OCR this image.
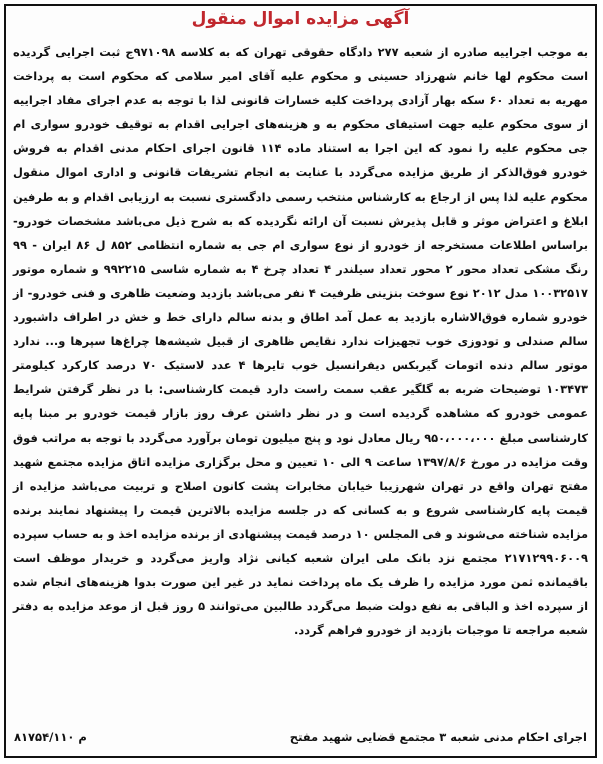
آگهی مزایده اموال منقول

به موجب اجراییه صادره از شعبه ۲۷۷ دادگاه حقوقی تهران که به کلاسه ۹۷۱۰۹۸ج ثبت اجرایی گردیده است محکوم لها خانم شهرزاد حسینی و محکوم علیه آقای امیر سلامی که محکوم است به پرداخت مهریه به تعداد ۶۰ سکه بهار آزادی پرداخت کلیه خسارات قانونی لذا با توجه به عدم اجرای مفاد اجراییه از سوی محکوم علیه جهت استیفای محکوم به و هزینه‌های اجرایی اقدام به توقیف خودرو سواری ام جی محکوم علیه را نمود که این اجرا به استناد ماده ۱۱۴ قانون اجرای احکام مدنی اقدام به فروش خودرو فوق‌الذکر از طریق مزایده می‌گردد با عنایت به انجام تشریفات قانونی و اداری اموال منقول محکوم علیه لذا پس از ارجاع به کارشناس منتخب رسمی دادگستری نسبت به ارزیابی اقدام و به طرفین ابلاغ و اعتراض موثر و قابل پذیرش نسبت آن ارائه نگردیده که به شرح ذیل می‌باشد مشخصات خودرو- براساس اطلاعات مستخرجه از خودرو از نوع سواری ام جی به شماره انتظامی ۸۵۲ ل ۸۶ ایران - ۹۹ رنگ مشکی تعداد محور ۲ محور تعداد سیلندر ۴ تعداد چرخ ۴ به شماره شاسی ۹۹۲۲۱۵ و شماره موتور ۱۰۰۳۲۵۱۷ مدل ۲۰۱۲ نوع سوخت بنزینی ظرفیت ۴ نفر می‌باشد بازدید وضعیت ظاهری و فنی خودرو- از خودرو شماره فوق‌الاشاره بازدید به عمل آمد اطاق و بدنه سالم دارای خط و خش در اطراف داشبورد سالم صندلی و تودوزی خوب تجهیزات ندارد نقایص ظاهری از قبیل شیشه‌ها چراغ‌ها سپرها و... ندارد موتور سالم دنده اتومات گیربکس دیفرانسیل خوب تایرها ۴ عدد لاستیک ۷۰ درصد کارکرد کیلومتر ۱۰۳۴۷۳ توضیحات ضربه به گلگیر عقب سمت راست دارد قیمت کارشناسی: با در نظر گرفتن شرایط عمومی خودرو که مشاهده گردیده است و در نظر داشتن عرف روز بازار قیمت خودرو بر مبنا پایه کارشناسی مبلغ ۹۵۰،۰۰۰،۰۰۰ ریال معادل نود و پنج میلیون تومان برآورد می‌گردد با توجه به مراتب فوق وقت مزایده در مورخ ۱۳۹۷/۸/۶ ساعت ۹ الی ۱۰ تعیین و محل برگزاری مزایده اتاق مزایده مجتمع شهید مفتح تهران واقع در تهران شهرزیبا خیابان مخابرات پشت کانون اصلاح و تربیت می‌باشد مزایده از قیمت پایه کارشناسی شروع و به کسانی که در جلسه مزایده بالاترین قیمت را پیشنهاد نمایند برنده مزایده شناخته می‌شوند و فی المجلس ۱۰ درصد قیمت پیشنهادی از برنده مزایده اخذ و به حساب سپرده ۲۱۷۱۲۹۹۰۶۰۰۹ مجتمع نزد بانک ملی ایران شعبه کیانی نژاد واریز می‌گردد و خریدار موظف است باقیمانده ثمن مورد مزایده را ظرف یک ماه پرداخت نماید در غیر این صورت بدوا هزینه‌های انجام شده از سپرده اخذ و الباقی به نفع دولت ضبط می‌گردد طالبین می‌توانند ۵ روز قبل از موعد مزایده به دفتر شعبه مراجعه تا موجبات بازدید از خودرو فراهم گردد.

اجرای احکام مدنی شعبه ۳ مجتمع قضایی شهید مفتح
۸۱۷۵۴/م ۱۱۰
